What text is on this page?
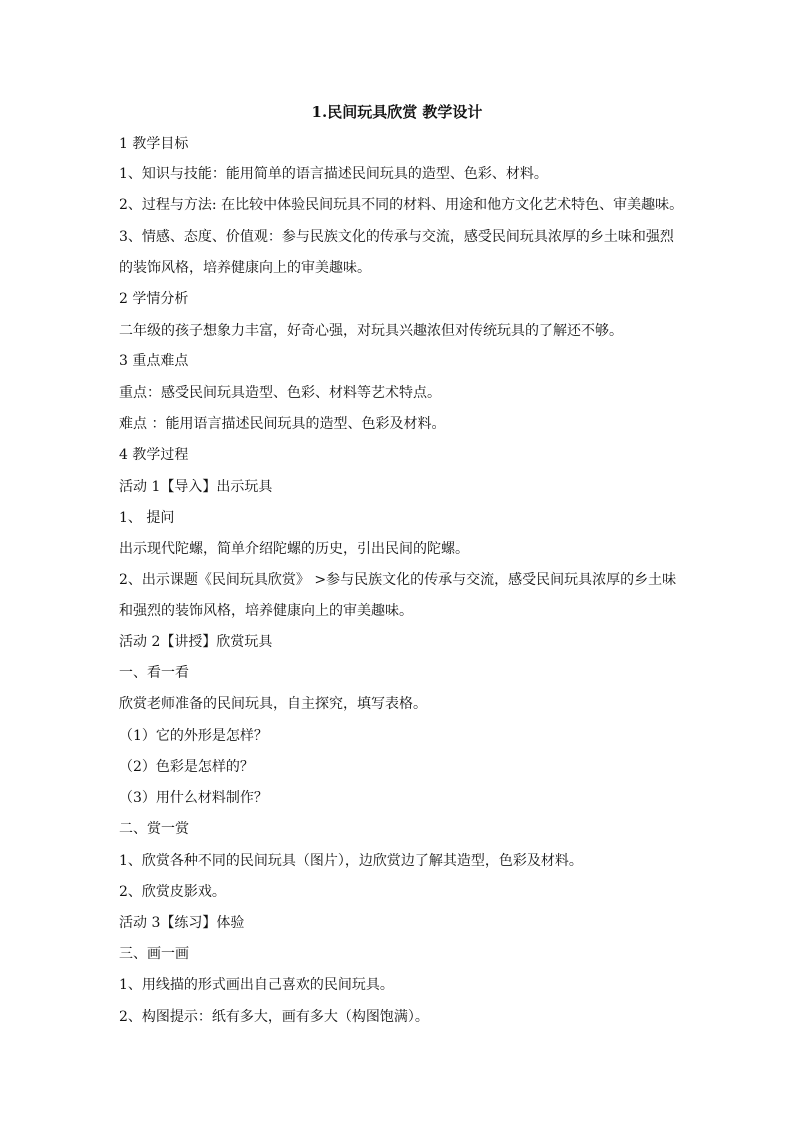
1.民间玩具欣赏 教学设计
1 教学目标
1、知识与技能：能用简单的语言描述民间玩具的造型、色彩、材料。
2、过程与方法: 在比较中体验民间玩具不同的材料、用途和他方文化艺术特色、审美趣味。
3、情感、态度、价值观：参与民族文化的传承与交流，感受民间玩具浓厚的乡土味和强烈
的装饰风格，培养健康向上的审美趣味。
2 学情分析
二年级的孩子想象力丰富，好奇心强，对玩具兴趣浓但对传统玩具的了解还不够。
3 重点难点
重点：感受民间玩具造型、色彩、材料等艺术特点。
难点 ：能用语言描述民间玩具的造型、色彩及材料。
4 教学过程
活动 1【导入】出示玩具
1、 提问
出示现代陀螺，简单介绍陀螺的历史，引出民间的陀螺。
2、出示课题《民间玩具欣赏》 >参与民族文化的传承与交流，感受民间玩具浓厚的乡土味
和强烈的装饰风格，培养健康向上的审美趣味。
活动 2【讲授】欣赏玩具
一、看一看
欣赏老师准备的民间玩具，自主探究，填写表格。
（1）它的外形是怎样？
（2）色彩是怎样的？
（3）用什么材料制作？
二、赏一赏
1、欣赏各种不同的民间玩具（图片），边欣赏边了解其造型，色彩及材料。
2、欣赏皮影戏。
活动 3【练习】体验
三、画一画
1、用线描的形式画出自己喜欢的民间玩具。
2、构图提示：纸有多大，画有多大（构图饱满）。
